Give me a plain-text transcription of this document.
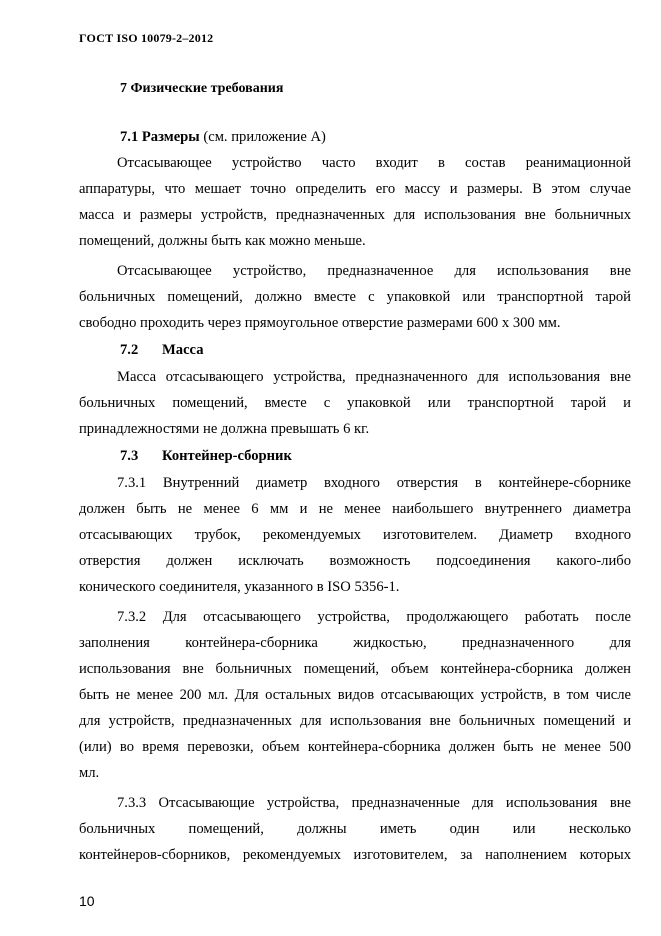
ГОСТ ISO 10079-2–2012
7 Физические требования
7.1 Размеры (см. приложение А)
Отсасывающее устройство часто входит в состав реанимационной
аппаратуры, что мешает точно определить его массу и размеры. В этом случае
масса и размеры устройств, предназначенных для использования вне больничных
помещений, должны быть как можно меньше.
Отсасывающее устройство, предназначенное для использования вне
больничных помещений, должно вместе с упаковкой или транспортной тарой
свободно проходить через прямоугольное отверстие размерами 600 х 300 мм.
7.2 Масса
Масса отсасывающего устройства, предназначенного для использования вне
больничных помещений, вместе с упаковкой или транспортной тарой и
принадлежностями не должна превышать 6 кг.
7.3 Контейнер-сборник
7.3.1 Внутренний диаметр входного отверстия в контейнере-сборнике
должен быть не менее 6 мм и не менее наибольшего внутреннего диаметра
отсасывающих трубок, рекомендуемых изготовителем. Диаметр входного
отверстия должен исключать возможность подсоединения какого-либо
конического соединителя, указанного в ISO 5356-1.
7.3.2 Для отсасывающего устройства, продолжающего работать после
заполнения контейнера-сборника жидкостью, предназначенного для
использования вне больничных помещений, объем контейнера-сборника должен
быть не менее 200 мл. Для остальных видов отсасывающих устройств, в том числе
для устройств, предназначенных для использования вне больничных помещений и
(или) во время перевозки, объем контейнера-сборника должен быть не менее 500
мл.
7.3.3 Отсасывающие устройства, предназначенные для использования вне
больничных помещений, должны иметь один или несколько
контейнеров-сборников, рекомендуемых изготовителем, за наполнением которых
10
